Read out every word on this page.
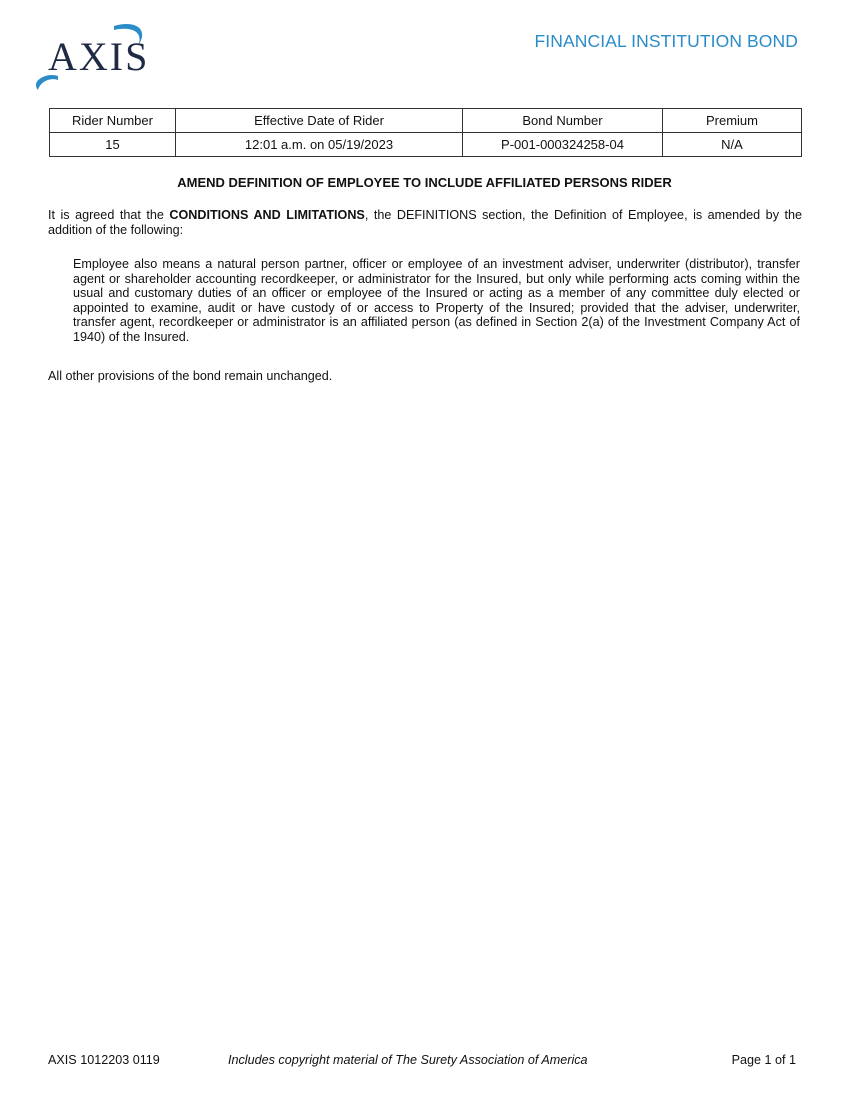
AXIS	FINANCIAL INSTITUTION BOND
Rider Number	Effective Date of Rider	Bond Number	Premium
15	12:01 a.m. on 05/19/2023	P-001-000324258-04	N/A
AMEND DEFINITION OF EMPLOYEE TO INCLUDE AFFILIATED PERSONS RIDER
It is agreed that the CONDITIONS AND LIMITATIONS, the DEFINITIONS section, the Definition of Employee, is amended by the addition of the following:
Employee also means a natural person partner, officer or employee of an investment adviser, underwriter (distributor), transfer agent or shareholder accounting recordkeeper, or administrator for the Insured, but only while performing acts coming within the usual and customary duties of an officer or employee of the Insured or acting as a member of any committee duly elected or appointed to examine, audit or have custody of or access to Property of the Insured; provided that the adviser, underwriter, transfer agent, recordkeeper or administrator is an affiliated person (as defined in Section 2(a) of the Investment Company Act of 1940) of the Insured.
All other provisions of the bond remain unchanged.
AXIS 1012203 0119	Includes copyright material of The Surety Association of America	Page 1 of 1
